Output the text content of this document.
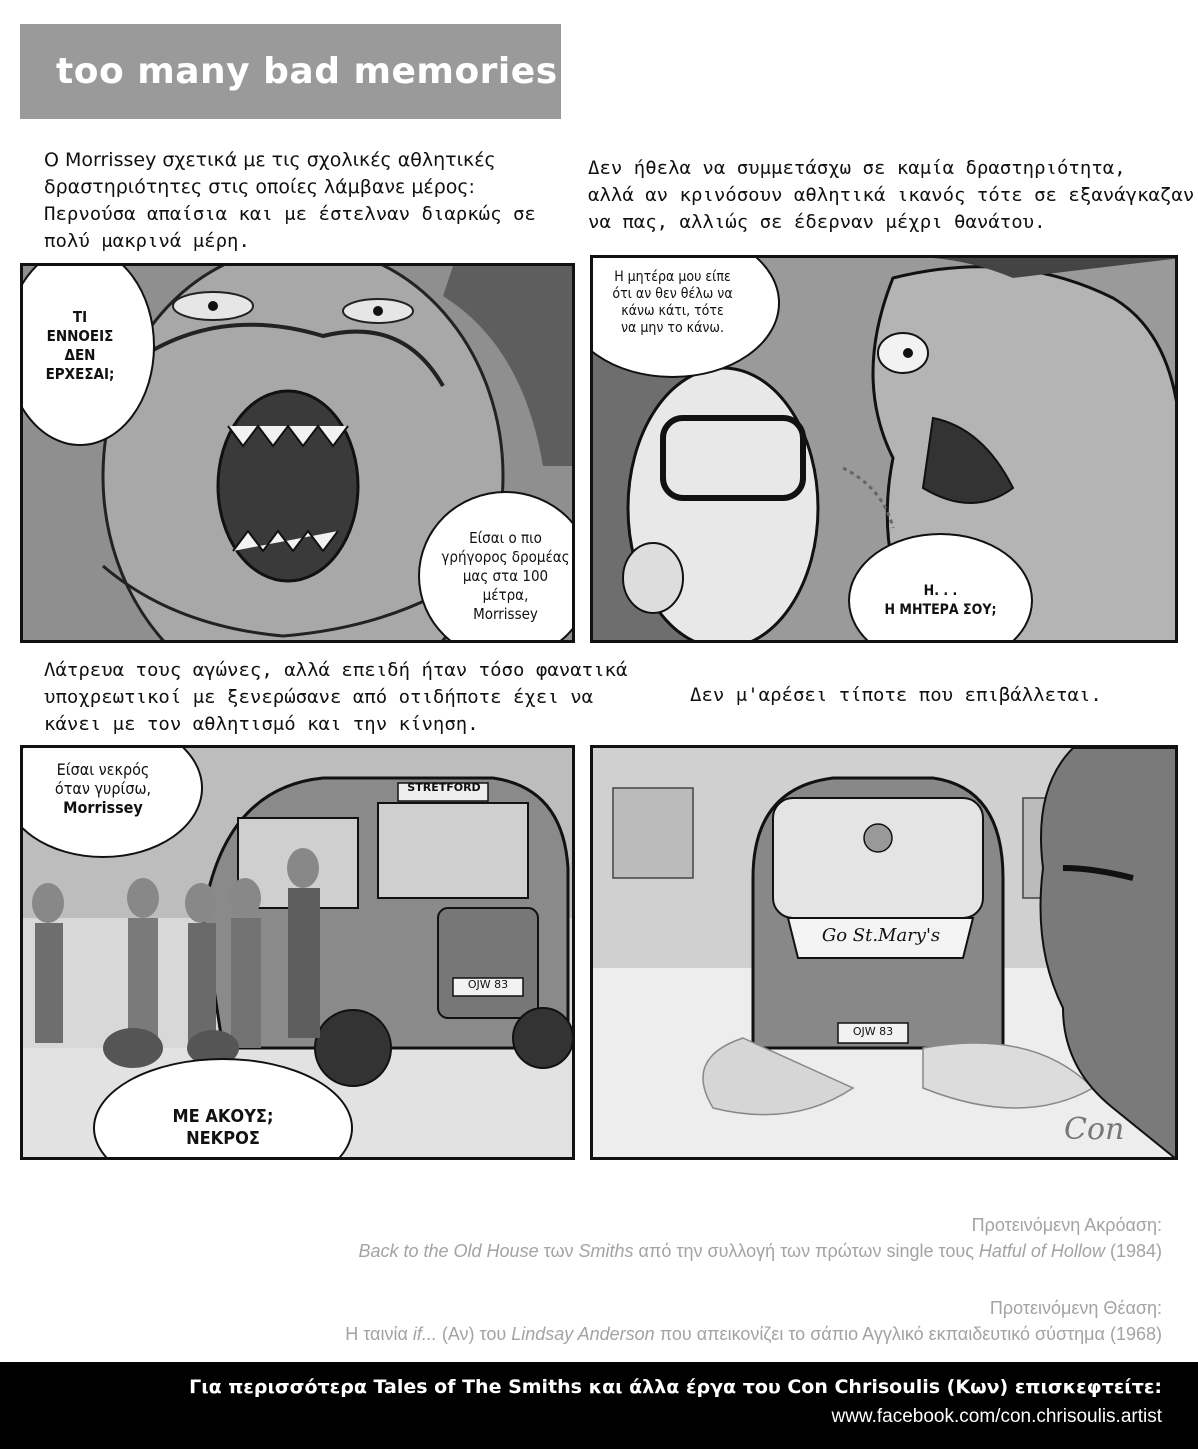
too many bad memories
Ο Morrissey σχετικά με τις σχολικές αθλητικές
δραστηριότητες στις οποίες λάμβανε μέρος:
Περνούσα απαίσια και με έστελναν διαρκώς σε
πολύ μακρινά μέρη.
Δεν ήθελα να συμμετάσχω σε καμία δραστηριότητα,
αλλά αν κρινόσουν αθλητικά ικανός τότε σε εξανάγκαζαν
να πας, αλλιώς σε έδερναν μέχρι θανάτου.
ΤΙ
ΕΝΝΟΕΙΣ
ΔΕΝ
ΕΡΧΕΣΑΙ;
Είσαι ο πιο
γρήγορος δρομέας
μας στα 100
μέτρα,
Morrissey
Η μητέρα μου είπε
ότι αν θεν θέλω να
κάνω κάτι, τότε
να μην το κάνω.
Η. . .
Η ΜΗΤΕΡΑ ΣΟΥ;
Λάτρευα τους αγώνες, αλλά επειδή ήταν τόσο φανατικά
υποχρεωτικοί με ξενερώσανε από οτιδήποτε έχει να
κάνει με τον αθλητισμό και την κίνηση.
Δεν μ'αρέσει τίποτε που επιβάλλεται.
STRETFORD
OJW 83
Είσαι νεκρός
όταν γυρίσω,
Morrissey
ΜΕ ΑΚΟΥΣ;
ΝΕΚΡΟΣ
Go St.Mary's
OJW 83
Con
Προτεινόμενη Ακρόαση:
Back to the Old House των Smiths από την συλλογή των πρώτων single τους Hatful of Hollow (1984)
Προτεινόμενη Θέαση:
Η ταινία if... (Αν) του Lindsay Anderson που απεικονίζει το σάπιο Αγγλικό εκπαιδευτικό σύστημα (1968)
Για περισσότερα Tales of The Smiths και άλλα έργα του Con Chrisoulis (Κων) επισκεφτείτε:
www.facebook.com/con.chrisoulis.artist
